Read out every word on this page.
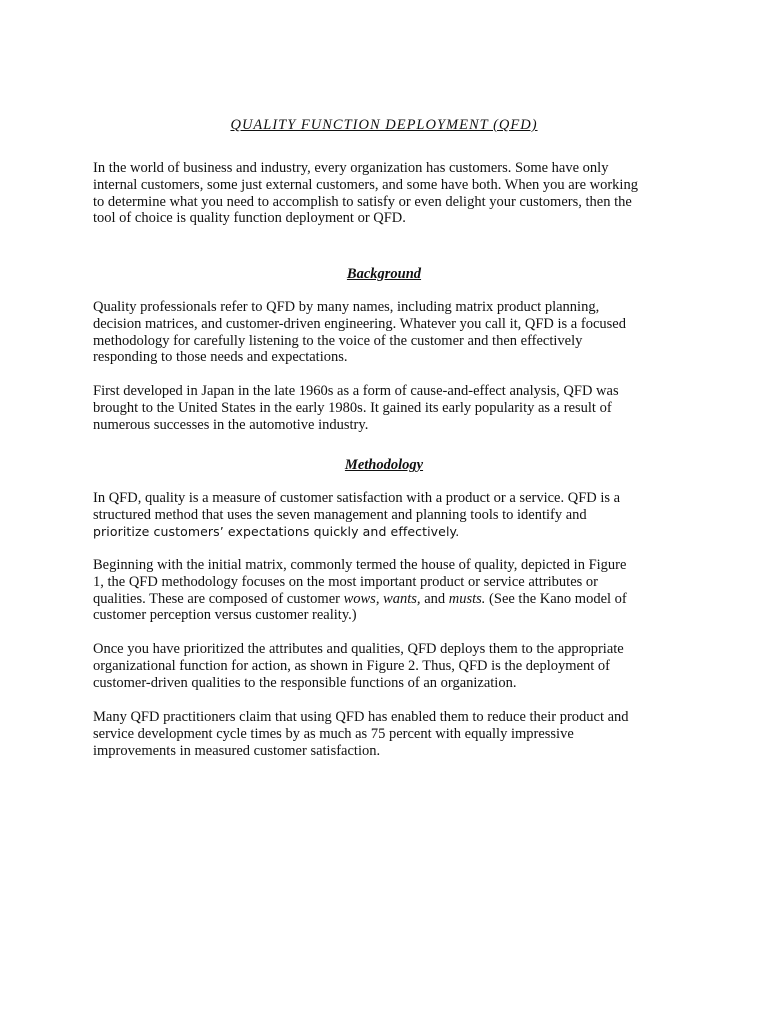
QUALITY FUNCTION DEPLOYMENT (QFD)

In the world of business and industry, every organization has customers. Some have only
internal customers, some just external customers, and some have both. When you are working
to determine what you need to accomplish to satisfy or even delight your customers, then the
tool of choice is quality function deployment or QFD.

Background

Quality professionals refer to QFD by many names, including matrix product planning,
decision matrices, and customer-driven engineering. Whatever you call it, QFD is a focused
methodology for carefully listening to the voice of the customer and then effectively
responding to those needs and expectations.

First developed in Japan in the late 1960s as a form of cause-and-effect analysis, QFD was
brought to the United States in the early 1980s. It gained its early popularity as a result of
numerous successes in the automotive industry.

Methodology

In QFD, quality is a measure of customer satisfaction with a product or a service. QFD is a
structured method that uses the seven management and planning tools to identify and
prioritize customers’ expectations quickly and effectively.

Beginning with the initial matrix, commonly termed the house of quality, depicted in Figure
1, the QFD methodology focuses on the most important product or service attributes or
qualities. These are composed of customer wows, wants, and musts. (See the Kano model of
customer perception versus customer reality.)

Once you have prioritized the attributes and qualities, QFD deploys them to the appropriate
organizational function for action, as shown in Figure 2. Thus, QFD is the deployment of
customer-driven qualities to the responsible functions of an organization.

Many QFD practitioners claim that using QFD has enabled them to reduce their product and
service development cycle times by as much as 75 percent with equally impressive
improvements in measured customer satisfaction.
